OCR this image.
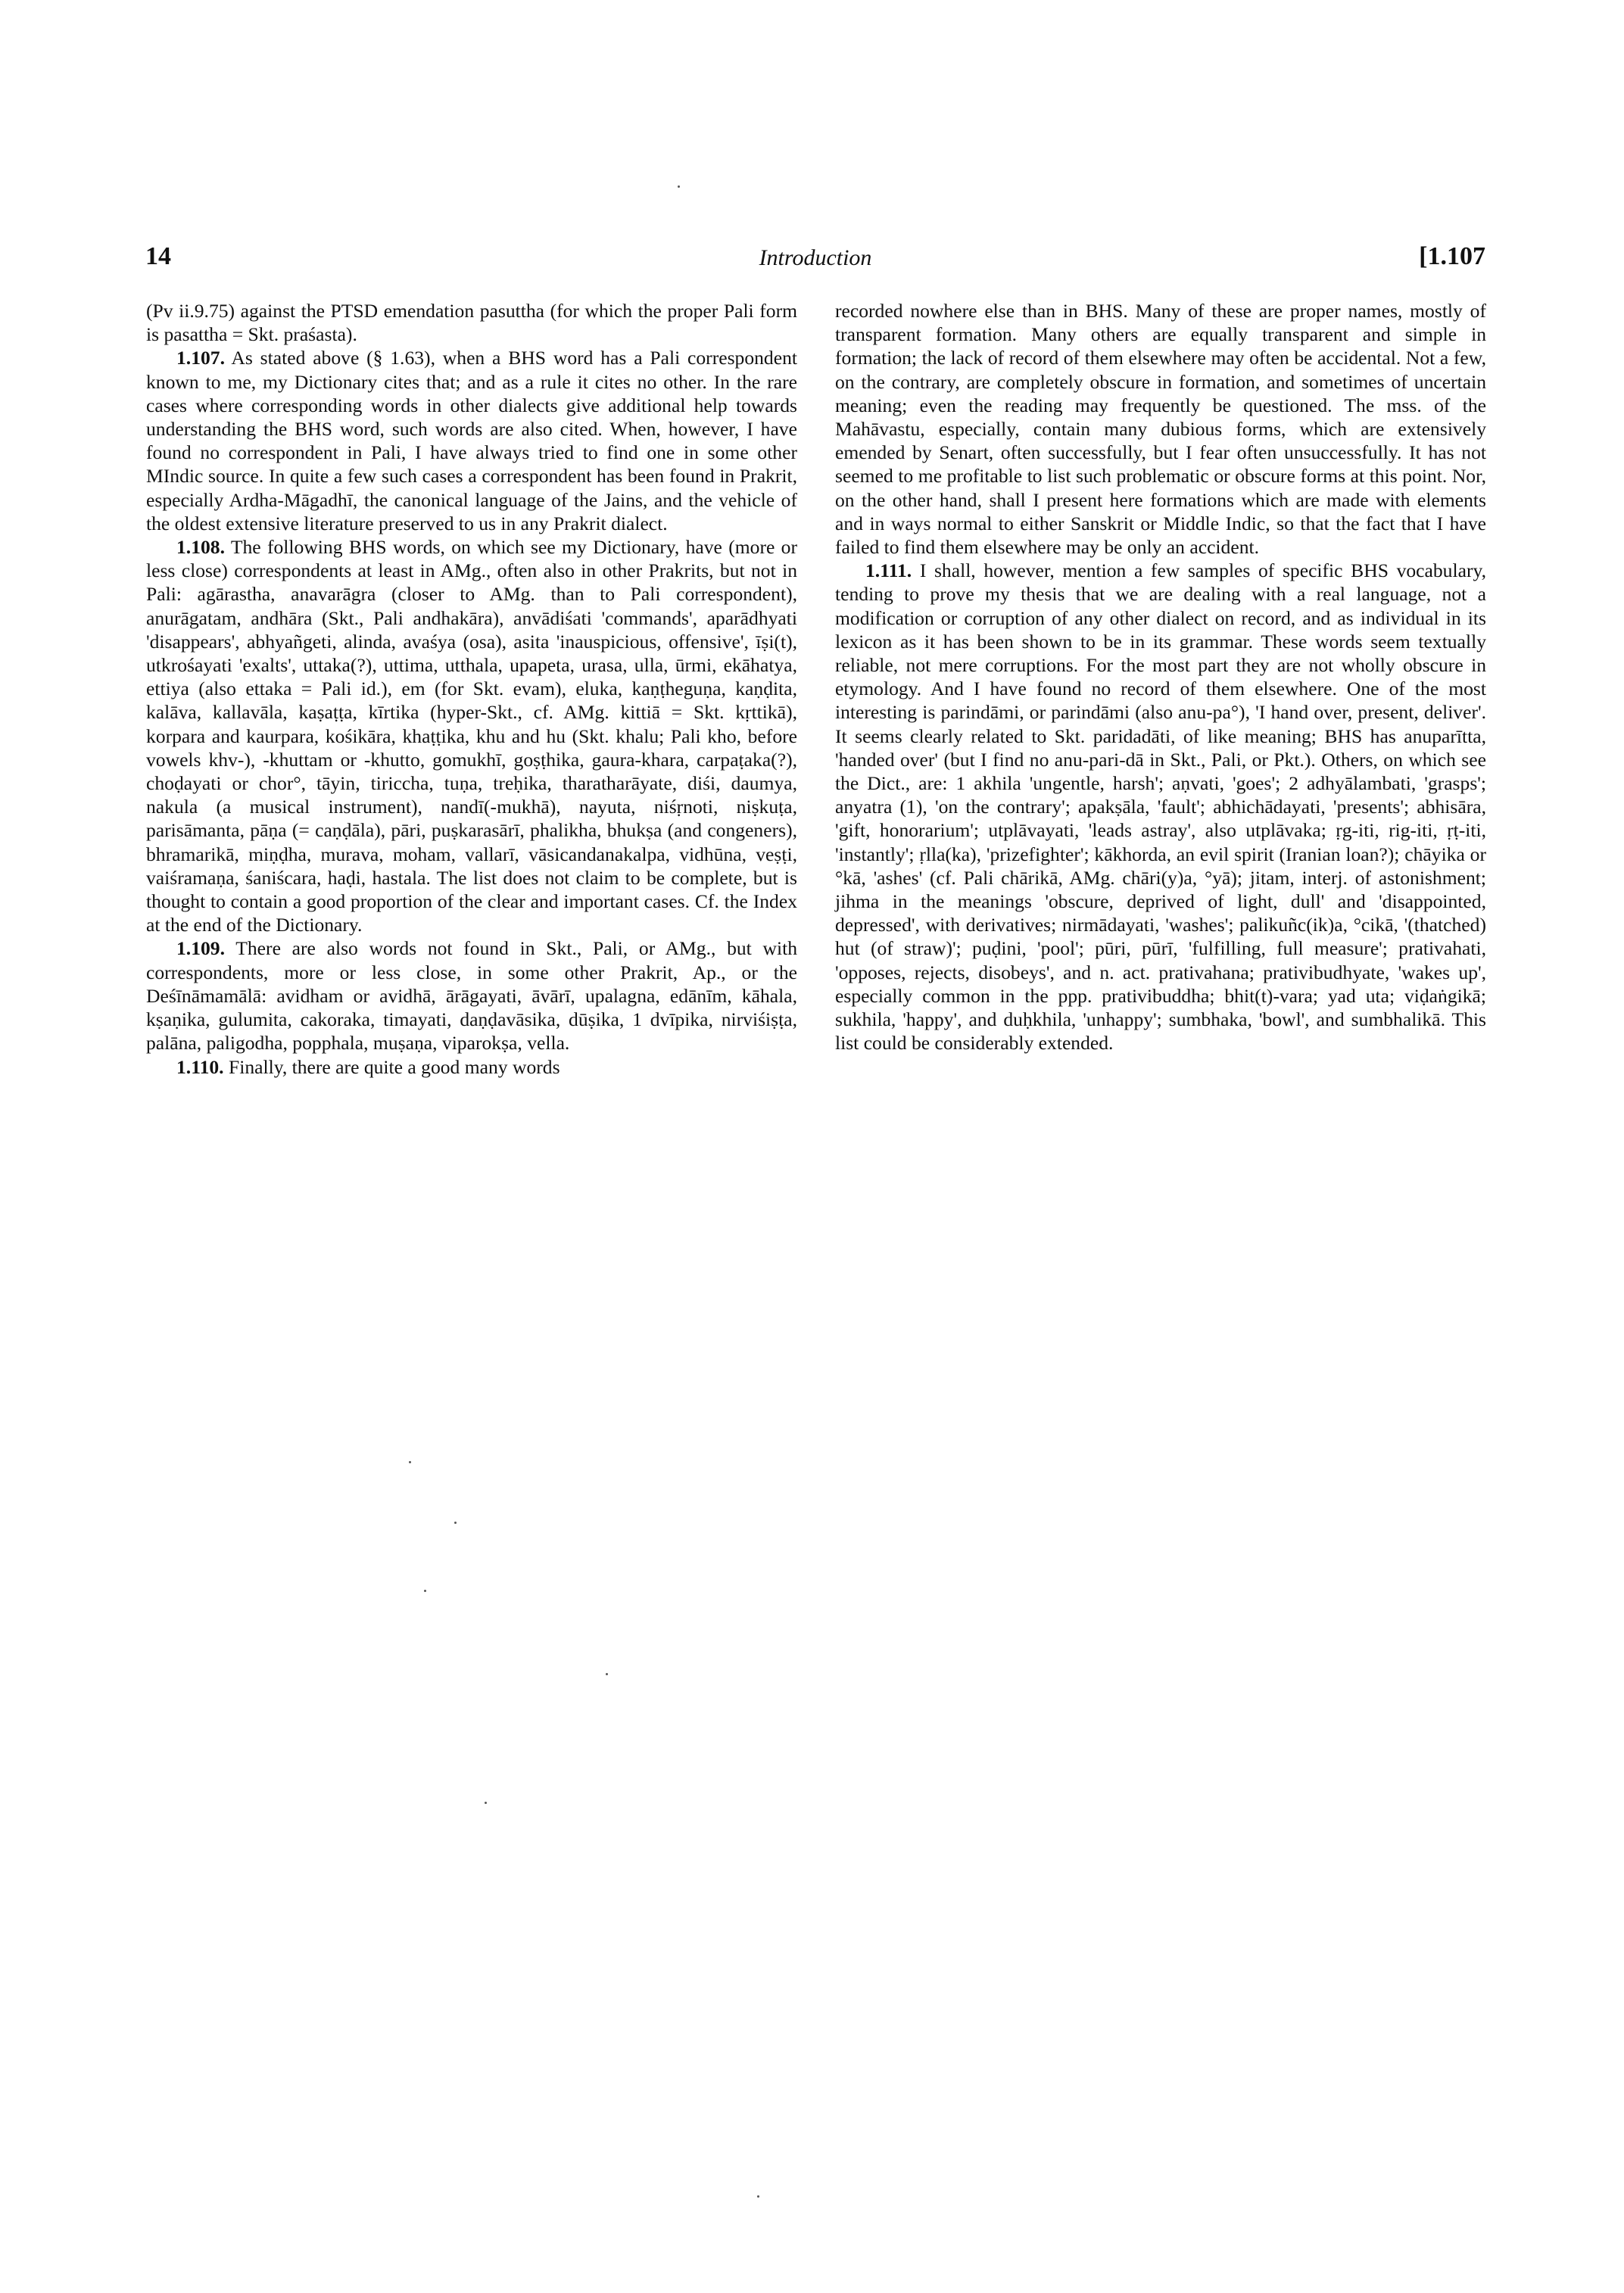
14	Introduction	[1.107

(Pv ii.9.75) against the PTSD emendation pasuttha (for which the proper Pali form is pasattha = Skt. praśasta).

1.107. As stated above (§ 1.63), when a BHS word has a Pali correspondent known to me, my Dictionary cites that; and as a rule it cites no other. In the rare cases where corresponding words in other dialects give additional help towards understanding the BHS word, such words are also cited. When, however, I have found no correspondent in Pali, I have always tried to find one in some other MIndic source. In quite a few such cases a correspondent has been found in Prakrit, especially Ardha-Māgadhī, the canonical language of the Jains, and the vehicle of the oldest extensive literature preserved to us in any Prakrit dialect.

1.108. The following BHS words, on which see my Dictionary, have (more or less close) correspondents at least in AMg., often also in other Prakrits, but not in Pali: agārastha, anavarāgra (closer to AMg. than to Pali correspondent), anurāgatam, andhāra (Skt., Pali andhakāra), anvādiśati 'commands', aparādhyati 'disappears', abhyañgeti, alinda, avaśya (osa), asita 'inauspicious, offensive', īṣi(t), utkrośayati 'exalts', uttaka(?), uttima, utthala, upapeta, urasa, ulla, ūrmi, ekāhatya, ettiya (also ettaka = Pali id.), em (for Skt. evam), eluka, kaṇṭheguṇa, kaṇḍita, kalāva, kallavāla, kaṣaṭṭa, kīrtika (hyper-Skt., cf. AMg. kittiā = Skt. kṛttikā), korpara and kaurpara, kośikāra, khaṭṭika, khu and hu (Skt. khalu; Pali kho, before vowels khv-), -khuttam or -khutto, gomukhī, goṣṭhika, gaura-khara, carpaṭaka(?), choḍayati or chor°, tāyin, tiriccha, tuṇa, treḥika, tharatharāyate, diśi, daumya, nakula (a musical instrument), nandī(-mukhā), nayuta, niśṛnoti, niṣkuṭa, parisāmanta, pāṇa (= caṇḍāla), pāri, puṣkarasārī, phalikha, bhukṣa (and congeners), bhramarikā, miṇḍha, murava, moham, vallarī, vāsicandanakalpa, vidhūna, veṣṭi, vaiśramaṇa, śaniścara, haḍi, hastala. The list does not claim to be complete, but is thought to contain a good proportion of the clear and important cases. Cf. the Index at the end of the Dictionary.

1.109. There are also words not found in Skt., Pali, or AMg., but with correspondents, more or less close, in some other Prakrit, Ap., or the Deśīnāmamālā: avidham or avidhā, ārāgayati, āvārī, upalagna, edānīm, kāhala, kṣaṇika, gulumita, cakoraka, timayati, daṇḍavāsika, dūṣika, 1 dvīpika, nirviśiṣṭa, palāna, paligodha, popphala, muṣaṇa, viparokṣa, vella.

1.110. Finally, there are quite a good many words

recorded nowhere else than in BHS. Many of these are proper names, mostly of transparent formation. Many others are equally transparent and simple in formation; the lack of record of them elsewhere may often be accidental. Not a few, on the contrary, are completely obscure in formation, and sometimes of uncertain meaning; even the reading may frequently be questioned. The mss. of the Mahāvastu, especially, contain many dubious forms, which are extensively emended by Senart, often successfully, but I fear often unsuccessfully. It has not seemed to me profitable to list such problematic or obscure forms at this point. Nor, on the other hand, shall I present here formations which are made with elements and in ways normal to either Sanskrit or Middle Indic, so that the fact that I have failed to find them elsewhere may be only an accident.

1.111. I shall, however, mention a few samples of specific BHS vocabulary, tending to prove my thesis that we are dealing with a real language, not a modification or corruption of any other dialect on record, and as individual in its lexicon as it has been shown to be in its grammar. These words seem textually reliable, not mere corruptions. For the most part they are not wholly obscure in etymology. And I have found no record of them elsewhere. One of the most interesting is parindāmi, or parindāmi (also anu-pa°), 'I hand over, present, deliver'. It seems clearly related to Skt. paridadāti, of like meaning; BHS has anuparītta, 'handed over' (but I find no anu-pari-dā in Skt., Pali, or Pkt.). Others, on which see the Dict., are: 1 akhila 'ungentle, harsh'; aṇvati, 'goes'; 2 adhyālambati, 'grasps'; anyatra (1), 'on the contrary'; apakṣāla, 'fault'; abhichādayati, 'presents'; abhisāra, 'gift, honorarium'; utplāvayati, 'leads astray', also utplāvaka; ṛg-iti, rig-iti, ṛṭ-iti, 'instantly'; ṛlla(ka), 'prizefighter'; kākhorda, an evil spirit (Iranian loan?); chāyika or °kā, 'ashes' (cf. Pali chārikā, AMg. chāri(y)a, °yā); jitam, interj. of astonishment; jihma in the meanings 'obscure, deprived of light, dull' and 'disappointed, depressed', with derivatives; nirmādayati, 'washes'; palikuñc(ik)a, °cikā, '(thatched) hut (of straw)'; puḍini, 'pool'; pūri, pūrī, 'fulfilling, full measure'; prativahati, 'opposes, rejects, disobeys', and n. act. prativahana; prativibudhyate, 'wakes up', especially common in the ppp. prativibuddha; bhit(t)-vara; yad uta; viḍaṅgikā; sukhila, 'happy', and duḥkhila, 'unhappy'; sumbhaka, 'bowl', and sumbhalikā. This list could be considerably extended.
